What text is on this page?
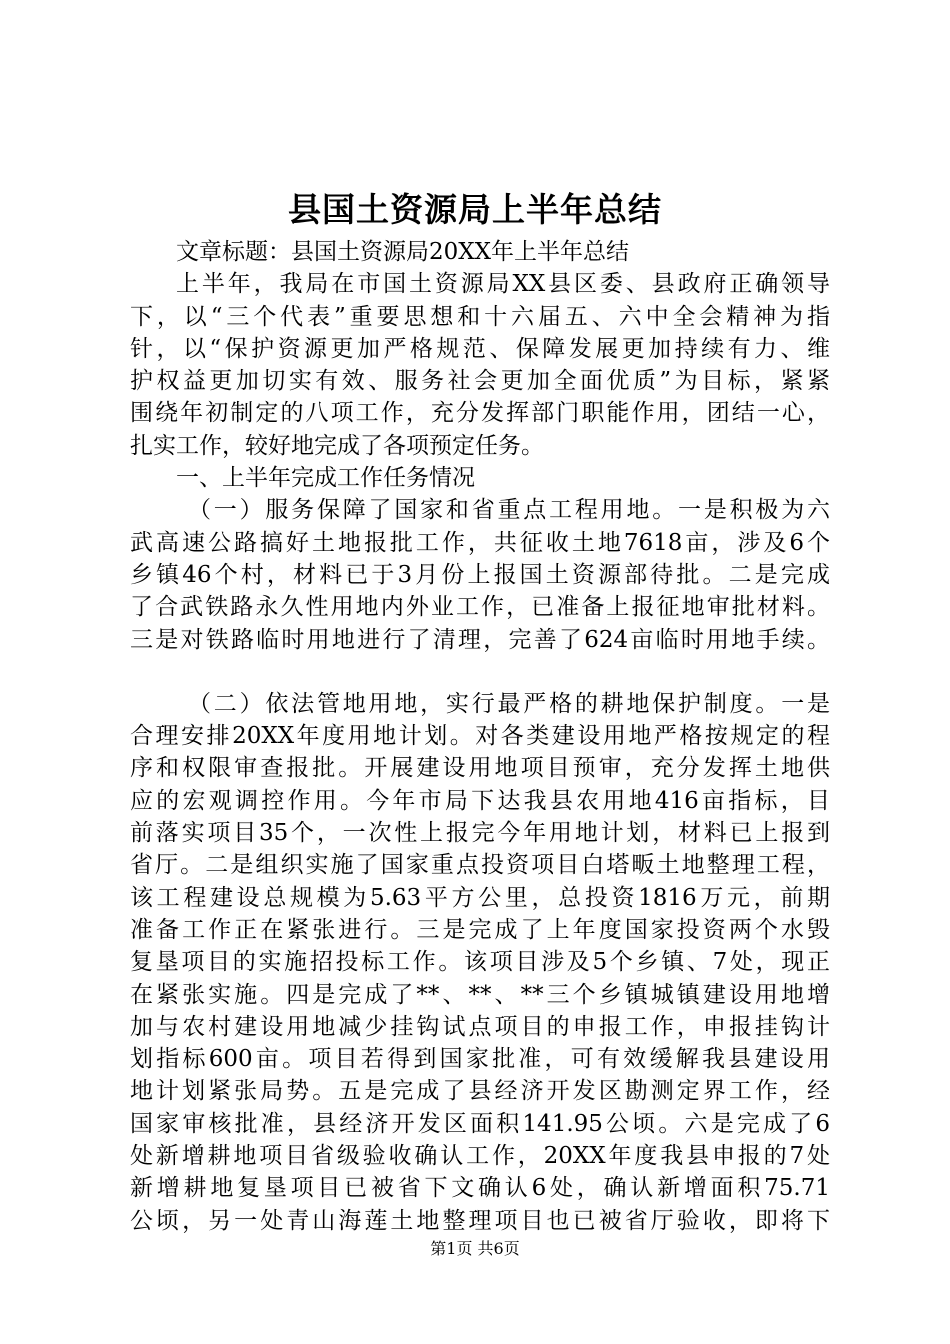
县国土资源局上半年总结
文章标题：县国土资源局20XX年上半年总结
上半年，我局在市国土资源局XX县区委、县政府正确领导
下，以“三个代表”重要思想和十六届五、六中全会精神为指
针，以“保护资源更加严格规范、保障发展更加持续有力、维
护权益更加切实有效、服务社会更加全面优质”为目标，紧紧
围绕年初制定的八项工作，充分发挥部门职能作用，团结一心，
扎实工作，较好地完成了各项预定任务。
一、上半年完成工作任务情况
（一）服务保障了国家和省重点工程用地。一是积极为六
武高速公路搞好土地报批工作，共征收土地7618亩，涉及6个
乡镇46个村，材料已于3月份上报国土资源部待批。二是完成
了合武铁路永久性用地内外业工作，已准备上报征地审批材料。
三是对铁路临时用地进行了清理，完善了624亩临时用地手续。
（二）依法管地用地，实行最严格的耕地保护制度。一是
合理安排20XX年度用地计划。对各类建设用地严格按规定的程
序和权限审查报批。开展建设用地项目预审，充分发挥土地供
应的宏观调控作用。今年市局下达我县农用地416亩指标，目
前落实项目35个，一次性上报完今年用地计划，材料已上报到
省厅。二是组织实施了国家重点投资项目白塔畈土地整理工程，
该工程建设总规模为5.63平方公里，总投资1816万元，前期
准备工作正在紧张进行。三是完成了上年度国家投资两个水毁
复垦项目的实施招投标工作。该项目涉及5个乡镇、7处，现正
在紧张实施。四是完成了**、**、**三个乡镇城镇建设用地增
加与农村建设用地减少挂钩试点项目的申报工作，申报挂钩计
划指标600亩。项目若得到国家批准，可有效缓解我县建设用
地计划紧张局势。五是完成了县经济开发区勘测定界工作，经
国家审核批准，县经济开发区面积141.95公顷。六是完成了6
处新增耕地项目省级验收确认工作，20XX年度我县申报的7处
新增耕地复垦项目已被省下文确认6处，确认新增面积75.71
公顷，另一处青山海莲土地整理项目也已被省厅验收，即将下
第1页 共6页
